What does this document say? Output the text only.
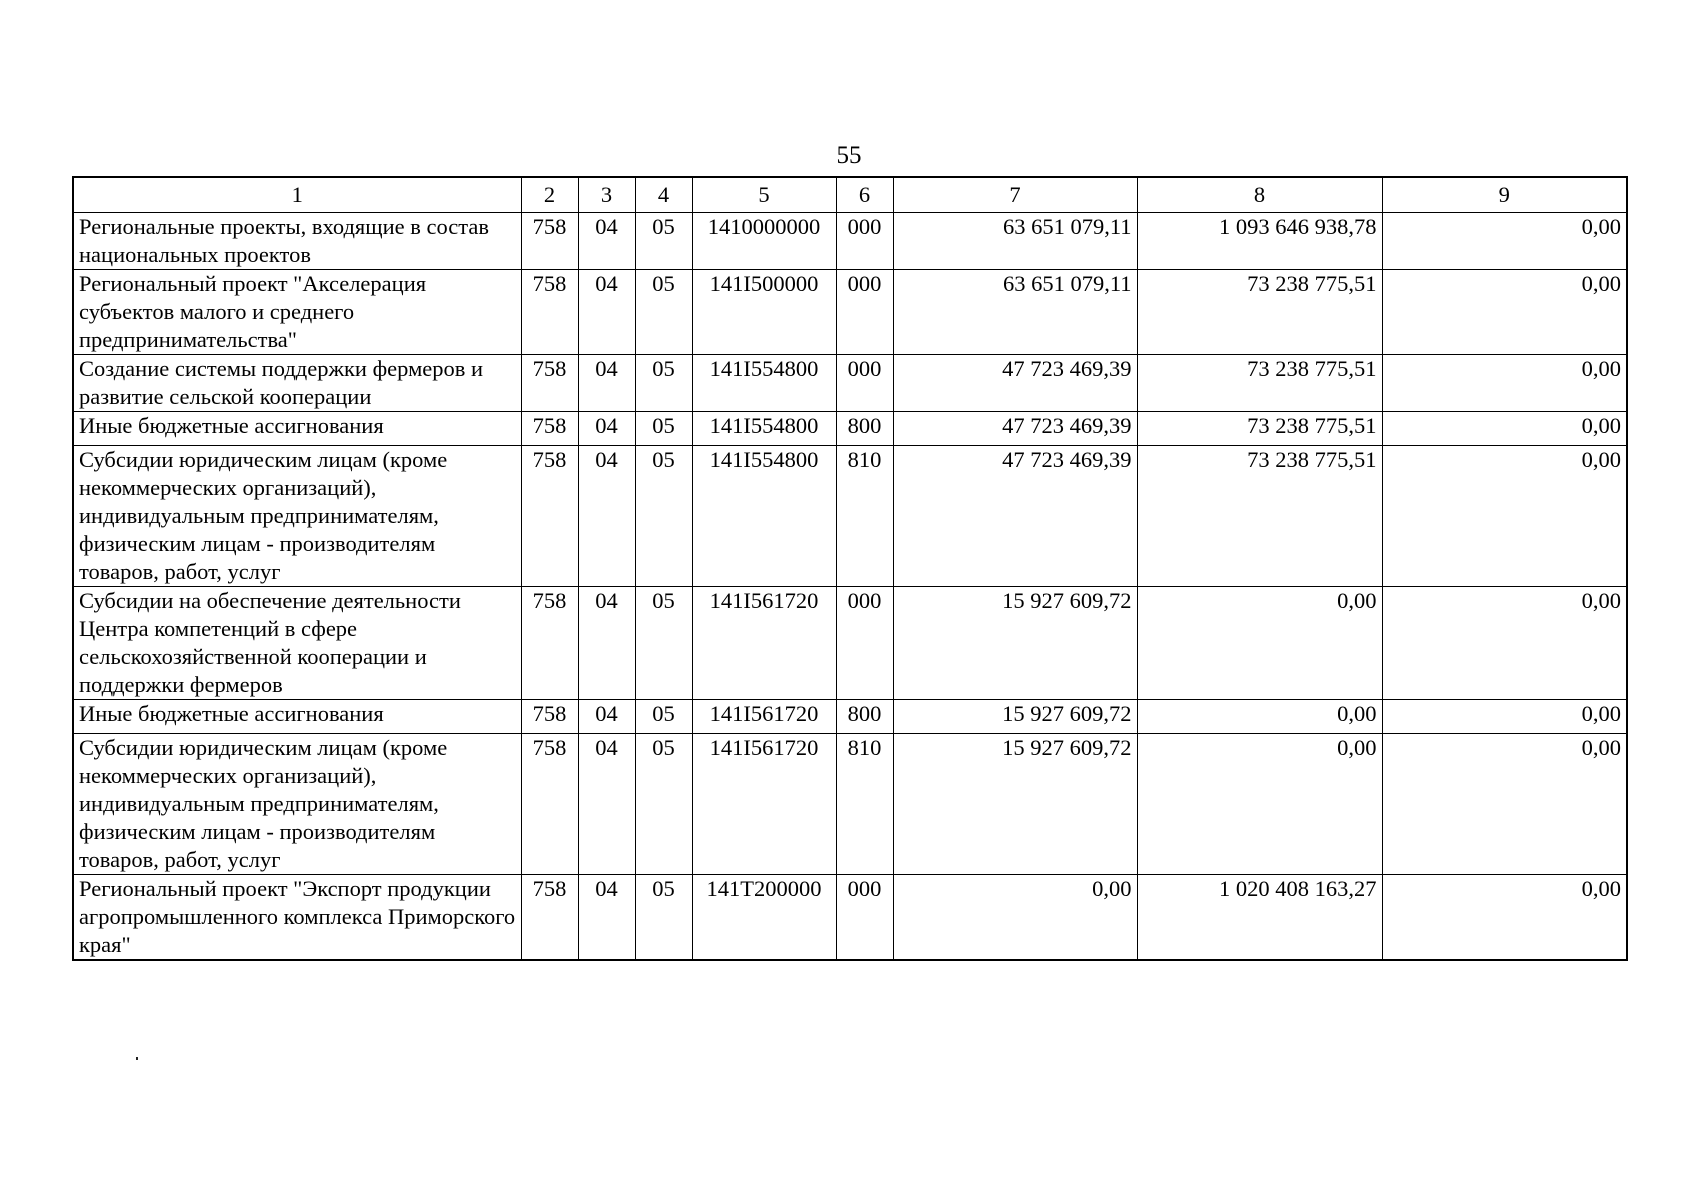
55
1	2	3	4	5	6	7	8	9
Региональные проекты, входящие в состав национальных проектов	758	04	05	1410000000	000	63 651 079,11	1 093 646 938,78	0,00
Региональный проект "Акселерация субъектов малого и среднего предпринимательства"	758	04	05	141I500000	000	63 651 079,11	73 238 775,51	0,00
Создание системы поддержки фермеров и развитие сельской кооперации	758	04	05	141I554800	000	47 723 469,39	73 238 775,51	0,00
Иные бюджетные ассигнования	758	04	05	141I554800	800	47 723 469,39	73 238 775,51	0,00
Субсидии юридическим лицам (кроме некоммерческих организаций), индивидуальным предпринимателям, физическим лицам - производителям товаров, работ, услуг	758	04	05	141I554800	810	47 723 469,39	73 238 775,51	0,00
Субсидии на обеспечение деятельности Центра компетенций в сфере сельскохозяйственной кооперации и поддержки фермеров	758	04	05	141I561720	000	15 927 609,72	0,00	0,00
Иные бюджетные ассигнования	758	04	05	141I561720	800	15 927 609,72	0,00	0,00
Субсидии юридическим лицам (кроме некоммерческих организаций), индивидуальным предпринимателям, физическим лицам - производителям товаров, работ, услуг	758	04	05	141I561720	810	15 927 609,72	0,00	0,00
Региональный проект "Экспорт продукции агропромышленного комплекса Приморского края"	758	04	05	141T200000	000	0,00	1 020 408 163,27	0,00
